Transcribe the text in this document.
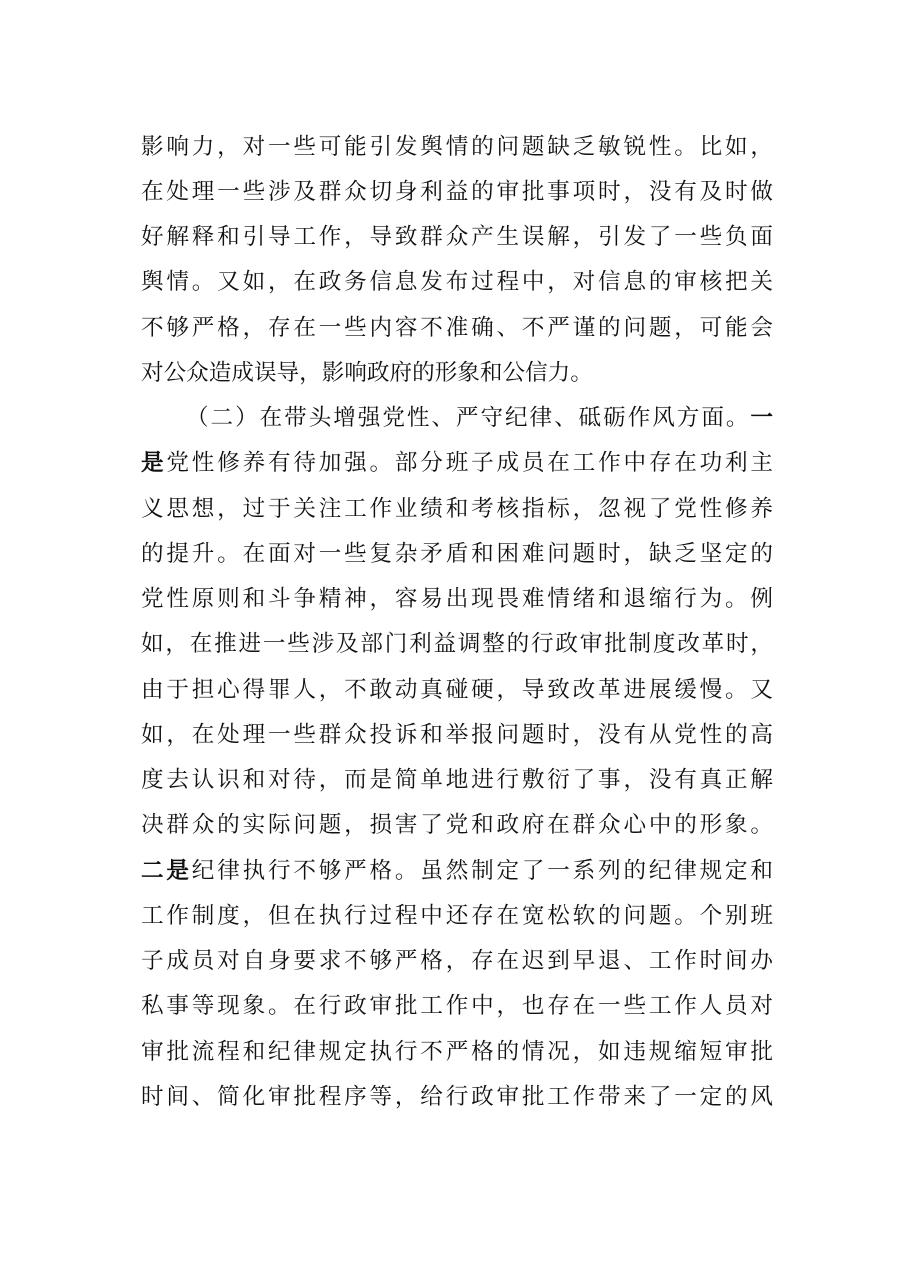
影响力，对一些可能引发舆情的问题缺乏敏锐性。比如，
在处理一些涉及群众切身利益的审批事项时，没有及时做
好解释和引导工作，导致群众产生误解，引发了一些负面
舆情。又如，在政务信息发布过程中，对信息的审核把关
不够严格，存在一些内容不准确、不严谨的问题，可能会
对公众造成误导，影响政府的形象和公信力。
（二）在带头增强党性、严守纪律、砥砺作风方面。一
是党性修养有待加强。部分班子成员在工作中存在功利主
义思想，过于关注工作业绩和考核指标，忽视了党性修养
的提升。在面对一些复杂矛盾和困难问题时，缺乏坚定的
党性原则和斗争精神，容易出现畏难情绪和退缩行为。例
如，在推进一些涉及部门利益调整的行政审批制度改革时，
由于担心得罪人，不敢动真碰硬，导致改革进展缓慢。又
如，在处理一些群众投诉和举报问题时，没有从党性的高
度去认识和对待，而是简单地进行敷衍了事，没有真正解
决群众的实际问题，损害了党和政府在群众心中的形象。
二是纪律执行不够严格。虽然制定了一系列的纪律规定和
工作制度，但在执行过程中还存在宽松软的问题。个别班
子成员对自身要求不够严格，存在迟到早退、工作时间办
私事等现象。在行政审批工作中，也存在一些工作人员对
审批流程和纪律规定执行不严格的情况，如违规缩短审批
时间、简化审批程序等，给行政审批工作带来了一定的风
